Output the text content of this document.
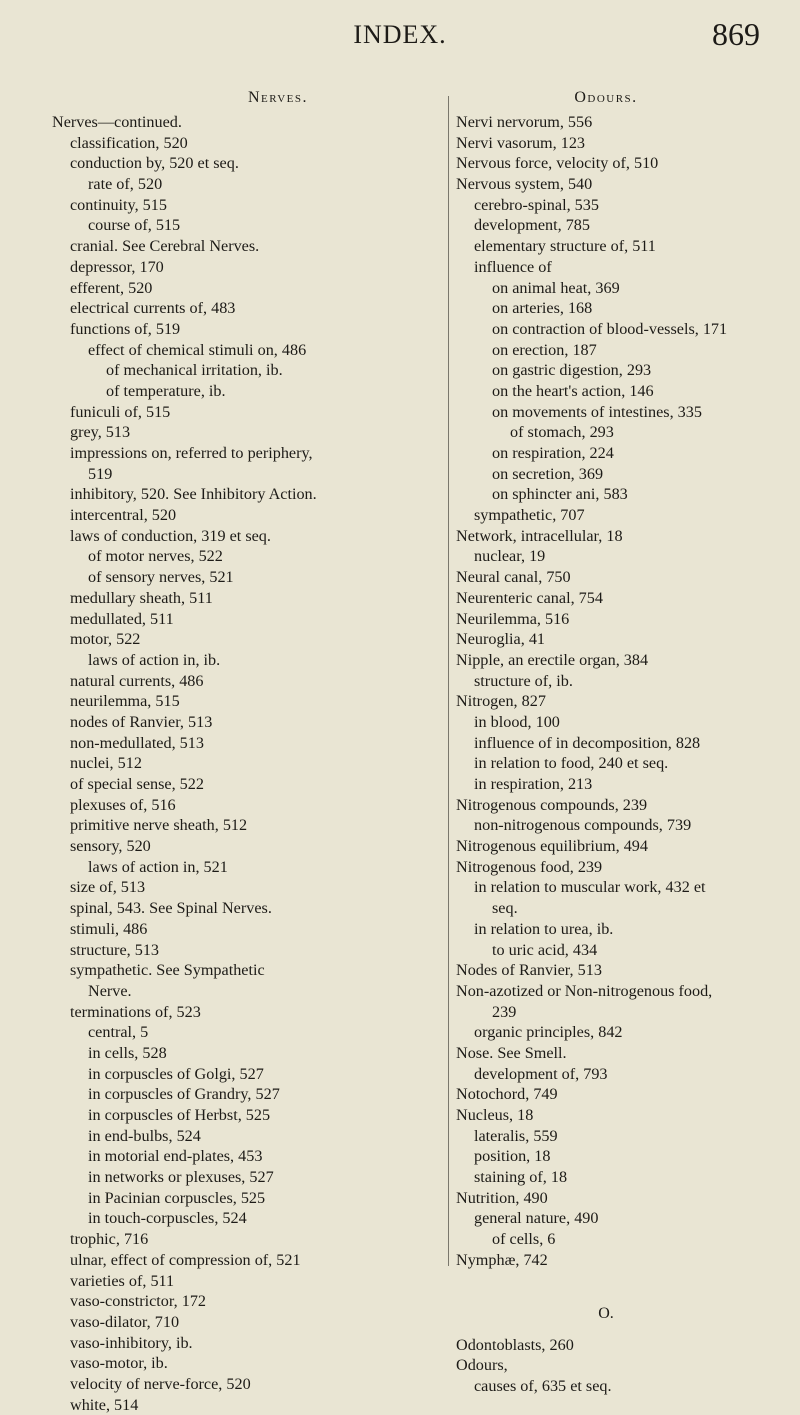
INDEX.	869
Nerves.
Nerves—continued.
classification, 520
conduction by, 520 et seq.
rate of, 520
continuity, 515
course of, 515
cranial. See Cerebral Nerves.
depressor, 170
efferent, 520
electrical currents of, 483
functions of, 519
effect of chemical stimuli on, 486
of mechanical irritation, ib.
of temperature, ib.
funiculi of, 515
grey, 513
impressions on, referred to periphery,
519
inhibitory, 520. See Inhibitory Action.
intercentral, 520
laws of conduction, 319 et seq.
of motor nerves, 522
of sensory nerves, 521
medullary sheath, 511
medullated, 511
motor, 522
laws of action in, ib.
natural currents, 486
neurilemma, 515
nodes of Ranvier, 513
non-medullated, 513
nuclei, 512
of special sense, 522
plexuses of, 516
primitive nerve sheath, 512
sensory, 520
laws of action in, 521
size of, 513
spinal, 543. See Spinal Nerves.
stimuli, 486
structure, 513
sympathetic. See Sympathetic
Nerve.
terminations of, 523
central, 5
in cells, 528
in corpuscles of Golgi, 527
in corpuscles of Grandry, 527
in corpuscles of Herbst, 525
in end-bulbs, 524
in motorial end-plates, 453
in networks or plexuses, 527
in Pacinian corpuscles, 525
in touch-corpuscles, 524
trophic, 716
ulnar, effect of compression of, 521
varieties of, 511
vaso-constrictor, 172
vaso-dilator, 710
vaso-inhibitory, ib.
vaso-motor, ib.
velocity of nerve-force, 520
white, 514
Odours.
Nervi nervorum, 556
Nervi vasorum, 123
Nervous force, velocity of, 510
Nervous system, 540
cerebro-spinal, 535
development, 785
elementary structure of, 511
influence of
on animal heat, 369
on arteries, 168
on contraction of blood-vessels, 171
on erection, 187
on gastric digestion, 293
on the heart's action, 146
on movements of intestines, 335
of stomach, 293
on respiration, 224
on secretion, 369
on sphincter ani, 583
sympathetic, 707
Network, intracellular, 18
nuclear, 19
Neural canal, 750
Neurenteric canal, 754
Neurilemma, 516
Neuroglia, 41
Nipple, an erectile organ, 384
structure of, ib.
Nitrogen, 827
in blood, 100
influence of in decomposition, 828
in relation to food, 240 et seq.
in respiration, 213
Nitrogenous compounds, 239
non-nitrogenous compounds, 739
Nitrogenous equilibrium, 494
Nitrogenous food, 239
in relation to muscular work, 432 et
seq.
in relation to urea, ib.
to uric acid, 434
Nodes of Ranvier, 513
Non-azotized or Non-nitrogenous food,
239
organic principles, 842
Nose. See Smell.
development of, 793
Notochord, 749
Nucleus, 18
lateralis, 559
position, 18
staining of, 18
Nutrition, 490
general nature, 490
of cells, 6
Nymphæ, 742
O.
Odontoblasts, 260
Odours,
causes of, 635 et seq.
